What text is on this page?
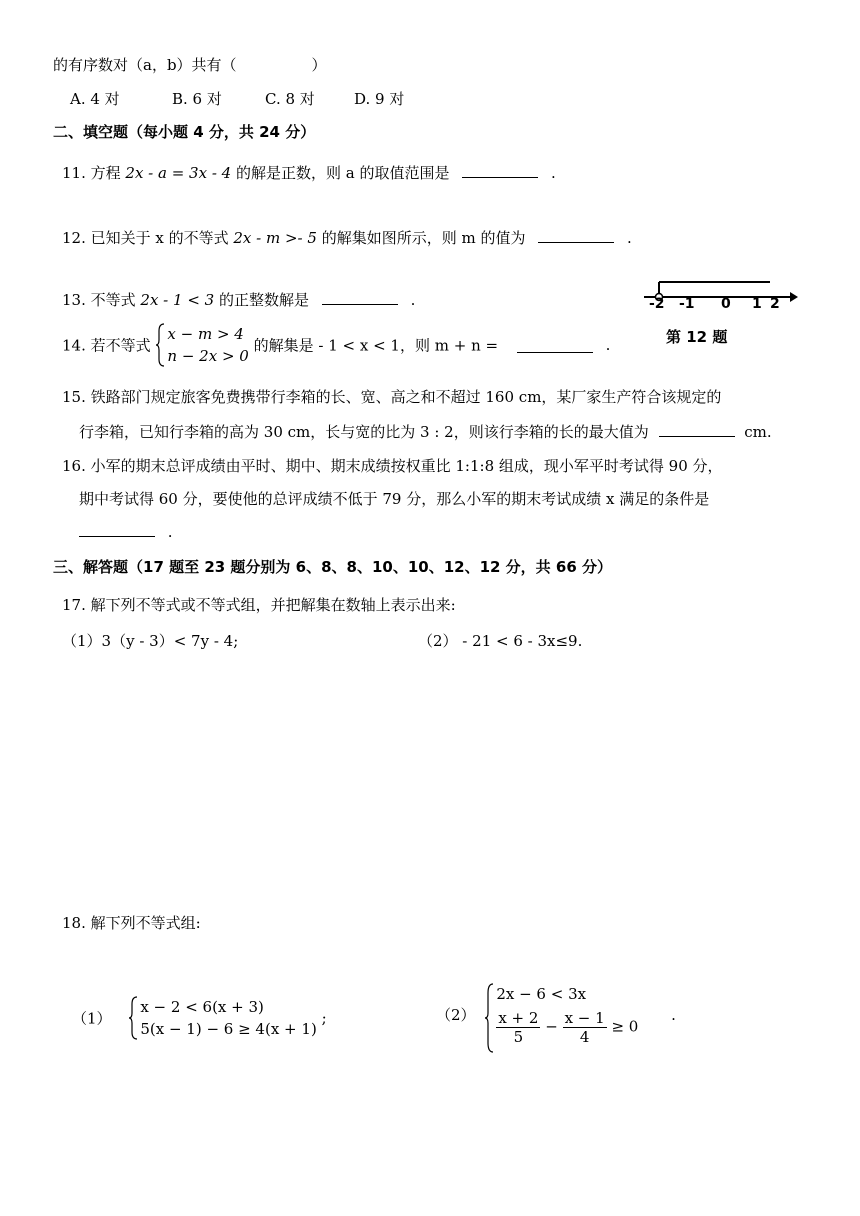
的有序数对（a，b）共有（　　　　　）
A. 4 对	B. 6 对	C. 8 对	D. 9 对
二、填空题（每小题 4 分，共 24 分）
11. 方程 2x - a = 3x - 4 的解是正数，则 a 的取值范围是	.
12. 已知关于 x 的不等式 2x - m >- 5 的解集如图所示，则 m 的值为	.
13. 不等式 2x - 1 < 3 的正整数解是	.	-2 -1 0 1 2
第 12 题
14. 若不等式
x − m > 4
n − 2x > 0
的解集是 - 1 < x < 1，则 m + n =	.
15. 铁路部门规定旅客免费携带行李箱的长、宽、高之和不超过 160 cm，某厂家生产符合该规定的
行李箱，已知行李箱的高为 30 cm，长与宽的比为 3 : 2，则该行李箱的长的最大值为	cm.
16. 小军的期末总评成绩由平时、期中、期末成绩按权重比 1:1:8 组成，现小军平时考试得 90 分，
期中考试得 60 分，要使他的总评成绩不低于 79 分，那么小军的期末考试成绩 x 满足的条件是
.
三、解答题（17 题至 23 题分别为 6、8、8、10、10、12、12 分，共 66 分）
17. 解下列不等式或不等式组，并把解集在数轴上表示出来:
（1）3（y - 3）< 7y - 4;	（2） - 21 < 6 - 3x≤9.
18. 解下列不等式组:
（1）
x − 2 < 6(x + 3)
5(x − 1) − 6 ≥ 4(x + 1)
;	（2）
2x − 6 < 3x
$\frac{x + 2}{5} - \frac{x - 1}{4} \ge 0$
.
